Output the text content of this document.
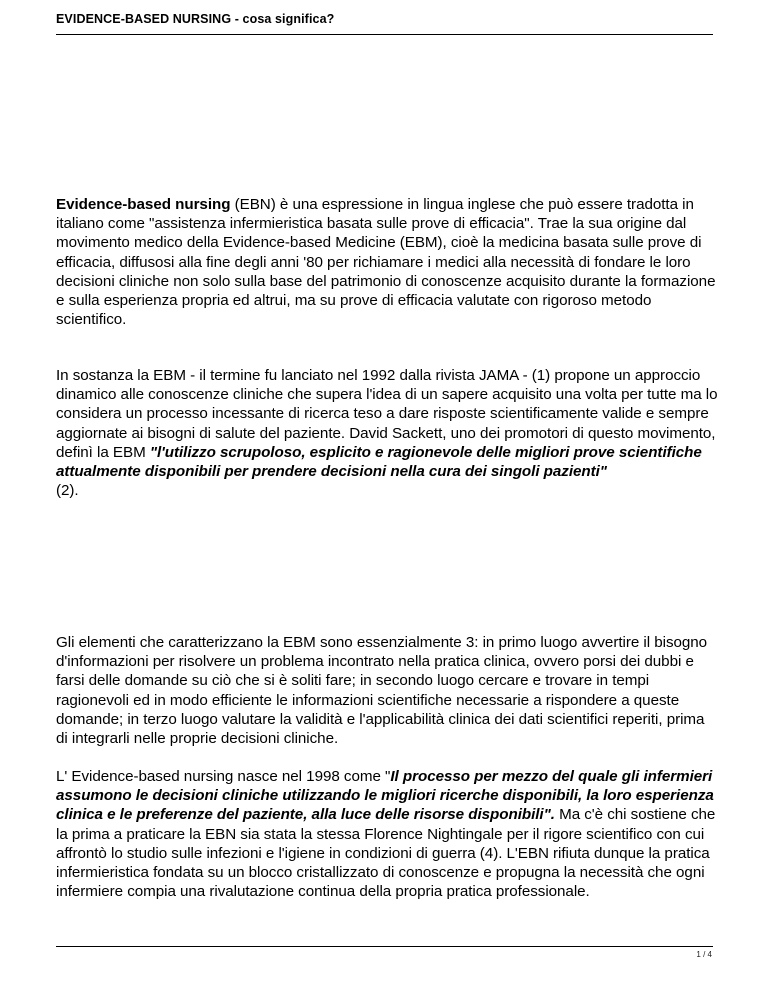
EVIDENCE-BASED NURSING - cosa significa?

Evidence-based nursing (EBN) è una espressione in lingua inglese che può essere tradotta in italiano come "assistenza infermieristica basata sulle prove di efficacia". Trae la sua origine dal movimento medico della Evidence-based Medicine (EBM), cioè la medicina basata sulle prove di efficacia, diffusosi alla fine degli anni '80 per richiamare i medici alla necessità di fondare le loro decisioni cliniche non solo sulla base del patrimonio di conoscenze acquisito durante la formazione e sulla esperienza propria ed altrui, ma su prove di efficacia valutate con rigoroso metodo scientifico.

In sostanza la EBM - il termine fu lanciato nel 1992 dalla rivista JAMA - (1) propone un approccio dinamico alle conoscenze cliniche che supera l'idea di un sapere acquisito una volta per tutte ma lo considera un processo incessante di ricerca teso a dare risposte scientificamente valide e sempre aggiornate ai bisogni di salute del paziente. David Sackett, uno dei promotori di questo movimento, definì la EBM "l'utilizzo scrupoloso, esplicito e ragionevole delle migliori prove scientifiche attualmente disponibili per prendere decisioni nella cura dei singoli pazienti"
(2).

Gli elementi che caratterizzano la EBM sono essenzialmente 3: in primo luogo avvertire il bisogno d'informazioni per risolvere un problema incontrato nella pratica clinica, ovvero porsi dei dubbi e farsi delle domande su ciò che si è soliti fare; in secondo luogo cercare e trovare in tempi ragionevoli ed in modo efficiente le informazioni scientifiche necessarie a rispondere a queste domande; in terzo luogo valutare la validità e l'applicabilità clinica dei dati scientifici reperiti, prima di integrarli nelle proprie decisioni cliniche.

L' Evidence-based nursing nasce nel 1998 come "Il processo per mezzo del quale gli infermieri assumono le decisioni cliniche utilizzando le migliori ricerche disponibili, la loro esperienza clinica e le preferenze del paziente, alla luce delle risorse disponibili". Ma c'è chi sostiene che la prima a praticare la EBN sia stata la stessa Florence Nightingale per il rigore scientifico con cui affrontò lo studio sulle infezioni e l'igiene in condizioni di guerra (4). L'EBN rifiuta dunque la pratica infermieristica fondata su un blocco cristallizzato di conoscenze e propugna la necessità che ogni infermiere compia una rivalutazione continua della propria pratica professionale.

1 / 4
